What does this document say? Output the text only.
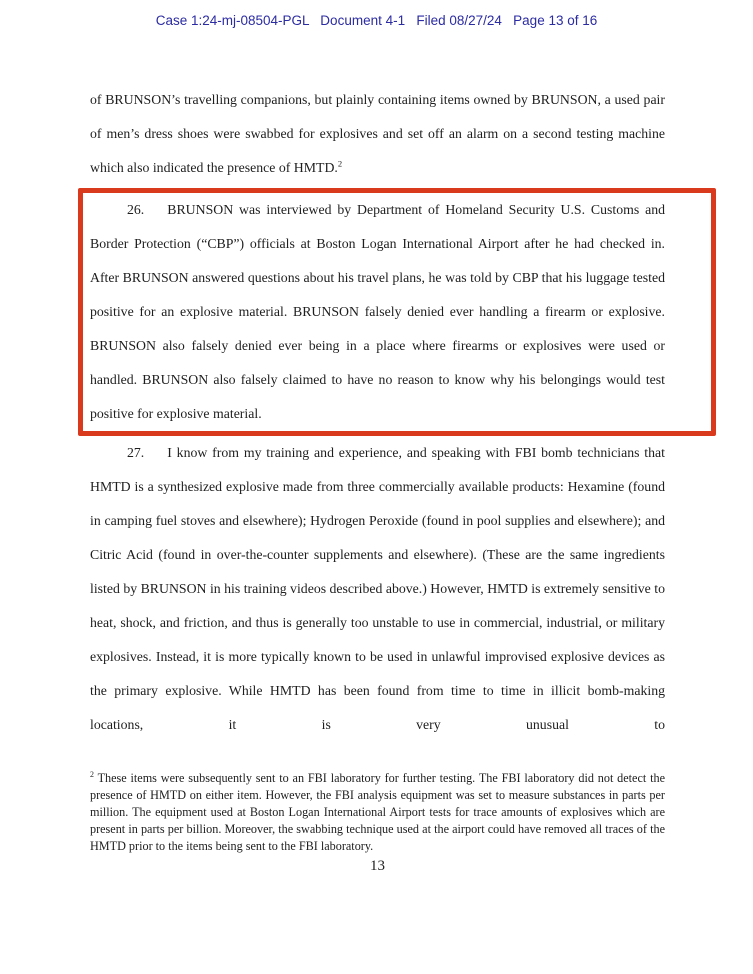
Case 1:24-mj-08504-PGL   Document 4-1   Filed 08/27/24   Page 13 of 16

of BRUNSON’s travelling companions, but plainly containing items owned by BRUNSON, a used pair of men’s dress shoes were swabbed for explosives and set off an alarm on a second testing machine which also indicated the presence of HMTD.$^2$

26. BRUNSON was interviewed by Department of Homeland Security U.S. Customs and Border Protection (“CBP”) officials at Boston Logan International Airport after he had checked in. After BRUNSON answered questions about his travel plans, he was told by CBP that his luggage tested positive for an explosive material. BRUNSON falsely denied ever handling a firearm or explosive. BRUNSON also falsely denied ever being in a place where firearms or explosives were used or handled. BRUNSON also falsely claimed to have no reason to know why his belongings would test positive for explosive material.

27. I know from my training and experience, and speaking with FBI bomb technicians that HMTD is a synthesized explosive made from three commercially available products: Hexamine (found in camping fuel stoves and elsewhere); Hydrogen Peroxide (found in pool supplies and elsewhere); and Citric Acid (found in over-the-counter supplements and elsewhere). (These are the same ingredients listed by BRUNSON in his training videos described above.) However, HMTD is extremely sensitive to heat, shock, and friction, and thus is generally too unstable to use in commercial, industrial, or military explosives. Instead, it is more typically known to be used in unlawful improvised explosive devices as the primary explosive. While HMTD has been found from time to time in illicit bomb-making locations, it is very unusual to

$^2$ These items were subsequently sent to an FBI laboratory for further testing. The FBI laboratory did not detect the presence of HMTD on either item. However, the FBI analysis equipment was set to measure substances in parts per million. The equipment used at Boston Logan International Airport tests for trace amounts of explosives which are present in parts per billion. Moreover, the swabbing technique used at the airport could have removed all traces of the HMTD prior to the items being sent to the FBI laboratory.
13
